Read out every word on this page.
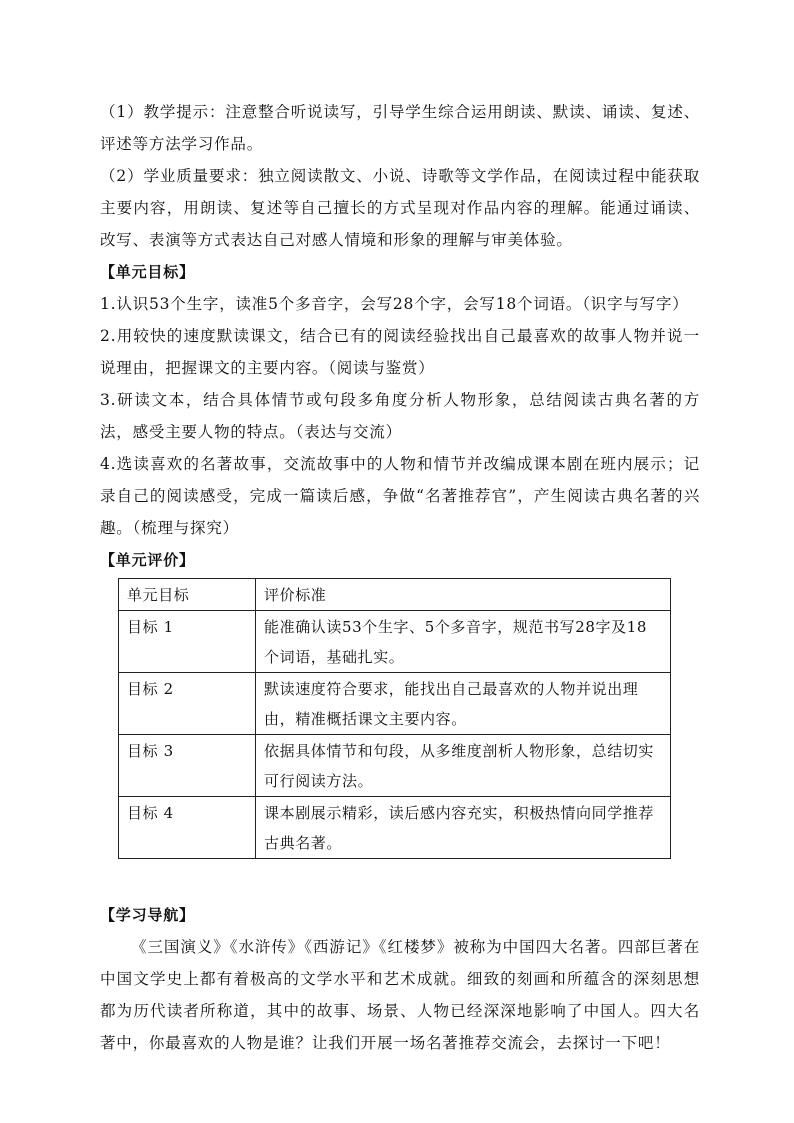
（1）教学提示：注意整合听说读写，引导学生综合运用朗读、默读、诵读、复述、评述等方法学习作品。

（2）学业质量要求：独立阅读散文、小说、诗歌等文学作品，在阅读过程中能获取主要内容，用朗读、复述等自己擅长的方式呈现对作品内容的理解。能通过诵读、改写、表演等方式表达自己对感人情境和形象的理解与审美体验。

【单元目标】

1.认识53个生字，读准5个多音字，会写28个字，会写18个词语。（识字与写字）

2.用较快的速度默读课文，结合已有的阅读经验找出自己最喜欢的故事人物并说一说理由，把握课文的主要内容。（阅读与鉴赏）

3.研读文本，结合具体情节或句段多角度分析人物形象，总结阅读古典名著的方法，感受主要人物的特点。（表达与交流）

4.选读喜欢的名著故事，交流故事中的人物和情节并改编成课本剧在班内展示；记录自己的阅读感受，完成一篇读后感，争做“名著推荐官”，产生阅读古典名著的兴趣。（梳理与探究）

【单元评价】

单元目标	评价标准
目标 1	能准确认读53个生字、5个多音字，规范书写28字及18个词语，基础扎实。
目标 2	默读速度符合要求，能找出自己最喜欢的人物并说出理由，精准概括课文主要内容。
目标 3	依据具体情节和句段，从多维度剖析人物形象，总结切实可行阅读方法。
目标 4	课本剧展示精彩，读后感内容充实，积极热情向同学推荐古典名著。

【学习导航】

《三国演义》《水浒传》《西游记》《红楼梦》被称为中国四大名著。四部巨著在中国文学史上都有着极高的文学水平和艺术成就。细致的刻画和所蕴含的深刻思想都为历代读者所称道，其中的故事、场景、人物已经深深地影响了中国人。四大名著中，你最喜欢的人物是谁？让我们开展一场名著推荐交流会，去探讨一下吧！
